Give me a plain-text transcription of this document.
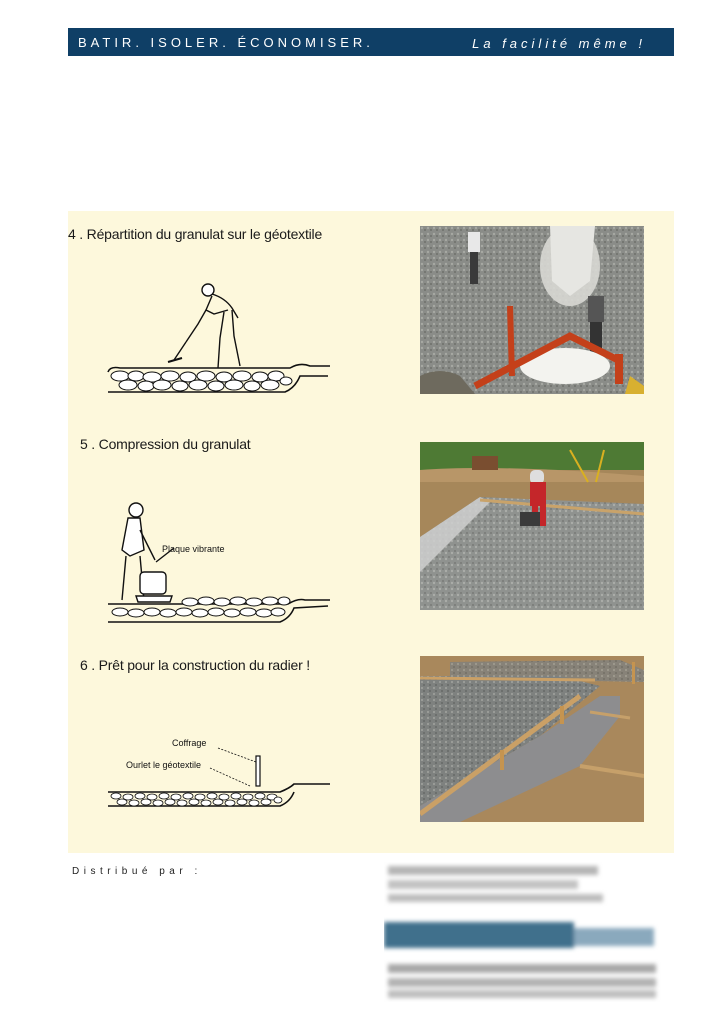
BATIR. ISOLER. ÉCONOMISER.	La facilité même !
4 . Répartition du granulat sur le géotextile
5 . Compression du granulat
Plaque vibrante
6 . Prêt pour la construction du radier !
Coffrage
Ourlet le géotextile
Distribué par :
